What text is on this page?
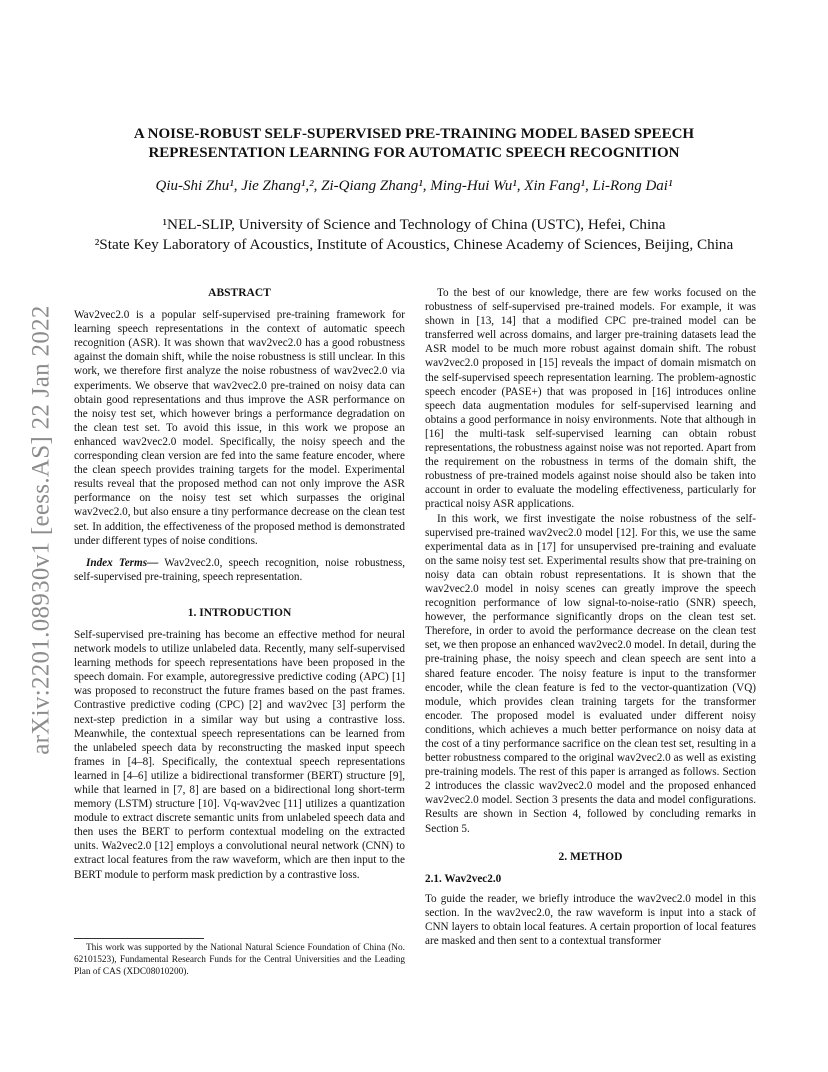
arXiv:2201.08930v1 [eess.AS] 22 Jan 2022
A NOISE-ROBUST SELF-SUPERVISED PRE-TRAINING MODEL BASED SPEECH
REPRESENTATION LEARNING FOR AUTOMATIC SPEECH RECOGNITION
Qiu-Shi Zhu¹, Jie Zhang¹,², Zi-Qiang Zhang¹, Ming-Hui Wu¹, Xin Fang¹, Li-Rong Dai¹
¹NEL-SLIP, University of Science and Technology of China (USTC), Hefei, China
²State Key Laboratory of Acoustics, Institute of Acoustics, Chinese Academy of Sciences, Beijing, China
ABSTRACT

Wav2vec2.0 is a popular self-supervised pre-training framework for learning speech representations in the context of automatic speech recognition (ASR). It was shown that wav2vec2.0 has a good robustness against the domain shift, while the noise robustness is still unclear. In this work, we therefore first analyze the noise robustness of wav2vec2.0 via experiments. We observe that wav2vec2.0 pre-trained on noisy data can obtain good representations and thus improve the ASR performance on the noisy test set, which however brings a performance degradation on the clean test set. To avoid this issue, in this work we propose an enhanced wav2vec2.0 model. Specifically, the noisy speech and the corresponding clean version are fed into the same feature encoder, where the clean speech provides training targets for the model. Experimental results reveal that the proposed method can not only improve the ASR performance on the noisy test set which surpasses the original wav2vec2.0, but also ensure a tiny performance decrease on the clean test set. In addition, the effectiveness of the proposed method is demonstrated under different types of noise conditions.

Index Terms— Wav2vec2.0, speech recognition, noise robustness, self-supervised pre-training, speech representation.

1. INTRODUCTION

Self-supervised pre-training has become an effective method for neural network models to utilize unlabeled data. Recently, many self-supervised learning methods for speech representations have been proposed in the speech domain. For example, autoregressive predictive coding (APC) [1] was proposed to reconstruct the future frames based on the past frames. Contrastive predictive coding (CPC) [2] and wav2vec [3] perform the next-step prediction in a similar way but using a contrastive loss. Meanwhile, the contextual speech representations can be learned from the unlabeled speech data by reconstructing the masked input speech frames in [4–8]. Specifically, the contextual speech representations learned in [4–6] utilize a bidirectional transformer (BERT) structure [9], while that learned in [7, 8] are based on a bidirectional long short-term memory (LSTM) structure [10]. Vq-wav2vec [11] utilizes a quantization module to extract discrete semantic units from unlabeled speech data and then uses the BERT to perform contextual modeling on the extracted units. Wa2vec2.0 [12] employs a convolutional neural network (CNN) to extract local features from the raw waveform, which are then input to the BERT module to perform mask prediction by a contrastive loss.

This work was supported by the National Natural Science Foundation of China (No. 62101523), Fundamental Research Funds for the Central Universities and the Leading Plan of CAS (XDC08010200).

To the best of our knowledge, there are few works focused on the robustness of self-supervised pre-trained models. For example, it was shown in [13, 14] that a modified CPC pre-trained model can be transferred well across domains, and larger pre-training datasets lead the ASR model to be much more robust against domain shift. The robust wav2vec2.0 proposed in [15] reveals the impact of domain mismatch on the self-supervised speech representation learning. The problem-agnostic speech encoder (PASE+) that was proposed in [16] introduces online speech data augmentation modules for self-supervised learning and obtains a good performance in noisy environments. Note that although in [16] the multi-task self-supervised learning can obtain robust representations, the robustness against noise was not reported. Apart from the requirement on the robustness in terms of the domain shift, the robustness of pre-trained models against noise should also be taken into account in order to evaluate the modeling effectiveness, particularly for practical noisy ASR applications.

In this work, we first investigate the noise robustness of the self-supervised pre-trained wav2vec2.0 model [12]. For this, we use the same experimental data as in [17] for unsupervised pre-training and evaluate on the same noisy test set. Experimental results show that pre-training on noisy data can obtain robust representations. It is shown that the wav2vec2.0 model in noisy scenes can greatly improve the speech recognition performance of low signal-to-noise-ratio (SNR) speech, however, the performance significantly drops on the clean test set. Therefore, in order to avoid the performance decrease on the clean test set, we then propose an enhanced wav2vec2.0 model. In detail, during the pre-training phase, the noisy speech and clean speech are sent into a shared feature encoder. The noisy feature is input to the transformer encoder, while the clean feature is fed to the vector-quantization (VQ) module, which provides clean training targets for the transformer encoder. The proposed model is evaluated under different noisy conditions, which achieves a much better performance on noisy data at the cost of a tiny performance sacrifice on the clean test set, resulting in a better robustness compared to the original wav2vec2.0 as well as existing pre-training models. The rest of this paper is arranged as follows. Section 2 introduces the classic wav2vec2.0 model and the proposed enhanced wav2vec2.0 model. Section 3 presents the data and model configurations. Results are shown in Section 4, followed by concluding remarks in Section 5.

2. METHOD
2.1. Wav2vec2.0

To guide the reader, we briefly introduce the wav2vec2.0 model in this section. In the wav2vec2.0, the raw waveform is input into a stack of CNN layers to obtain local features. A certain proportion of local features are masked and then sent to a contextual transformer
